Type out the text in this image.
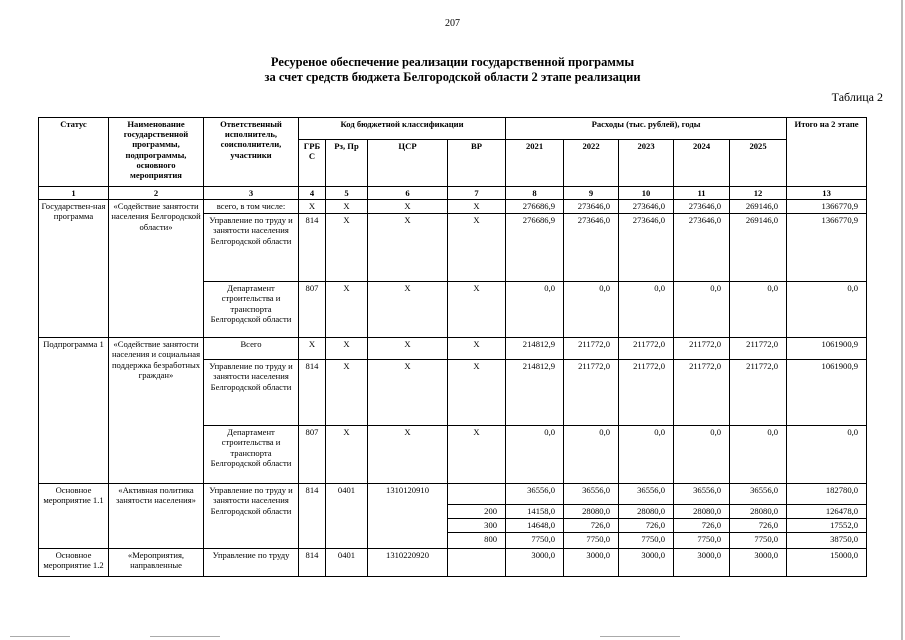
207
Ресуреное обеспечение реализации государственной программы
за счет средств бюджета Белгородской области 2 этапе реализации
Таблица 2
Статус	Наименование государственной программы, подпрограммы, основного мероприятия	Ответственный исполнитель, соисполнители, участники	Код бюджетной классификации				Расходы (тыс. рублей), годы					Итого на 2 этапе
			ГРБ С	Рз, Пр	ЦСР	ВР	2021	2022	2023	2024	2025	

1	2	3	4	5	6	7	8	9	10	11	12	13
Государствен-ная программа	«Содействие занятости населения Белгородской области»	всего, в том числе:	Х	Х	Х	Х	276686,9	273646,0	273646,0	273646,0	269146,0	1366770,9
		Управление по труду и занятости населения Белгородской области	814	Х	Х	Х	276686,9	273646,0	273646,0	273646,0	269146,0	1366770,9
		Департамент строительства и транспорта Белгородской области	807	Х	Х	Х	0,0	0,0	0,0	0,0	0,0	0,0
Подпрограмма 1	«Содействие занятости населения и социальная поддержка безработных граждан»	Всего	Х	Х	Х	Х	214812,9	211772,0	211772,0	211772,0	211772,0	1061900,9
		Управление по труду и занятости населения Белгородской области	814	Х	Х	Х	214812,9	211772,0	211772,0	211772,0	211772,0	1061900,9
		Департамент строительства и транспорта Белгородской области	807	Х	Х	Х	0,0	0,0	0,0	0,0	0,0	0,0
Основное мероприятие 1.1	«Активная политика занятости населения»	Управление по труду и занятости населения Белгородской области	814	0401	1310120910		36556,0	36556,0	36556,0	36556,0	36556,0	182780,0
						200	14158,0	28080,0	28080,0	28080,0	28080,0	126478,0
						300	14648,0	726,0	726,0	726,0	726,0	17552,0
						800	7750,0	7750,0	7750,0	7750,0	7750,0	38750,0
Основное мероприятие 1.2	«Мероприятия, направленные	Управление по труду	814	0401	1310220920		3000,0	3000,0	3000,0	3000,0	3000,0	15000,0
